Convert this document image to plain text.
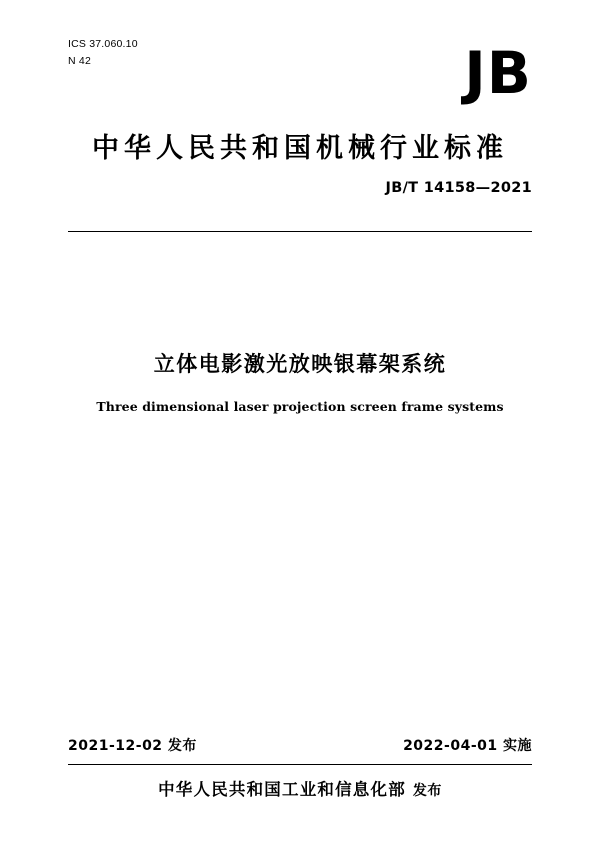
ICS 37.060.10
N 42	JB
中华人民共和国机械行业标准
JB/T 14158—2021
立体电影激光放映银幕架系统
Three dimensional laser projection screen frame systems
2021-12-02 发布	2022-04-01 实施
中华人民共和国工业和信息化部 发布
